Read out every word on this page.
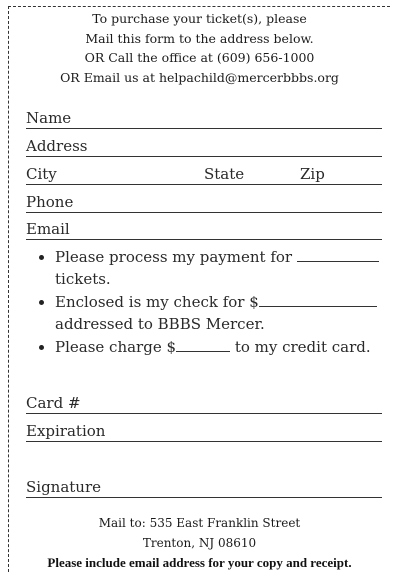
To purchase your ticket(s), please
Mail this form to the address below.
OR Call the office at (609) 656-1000
OR Email us at helpachild@mercerbbbs.org
Name
Address
City	State	Zip
Phone
Email
Please process my payment for  tickets.
Enclosed is my check for $ addressed to BBBS Mercer.
Please charge $	to my credit card.
Card #
Expiration
Signature
Mail to: 535 East Franklin Street
Trenton, NJ 08610
Please include email address for your copy and receipt.
